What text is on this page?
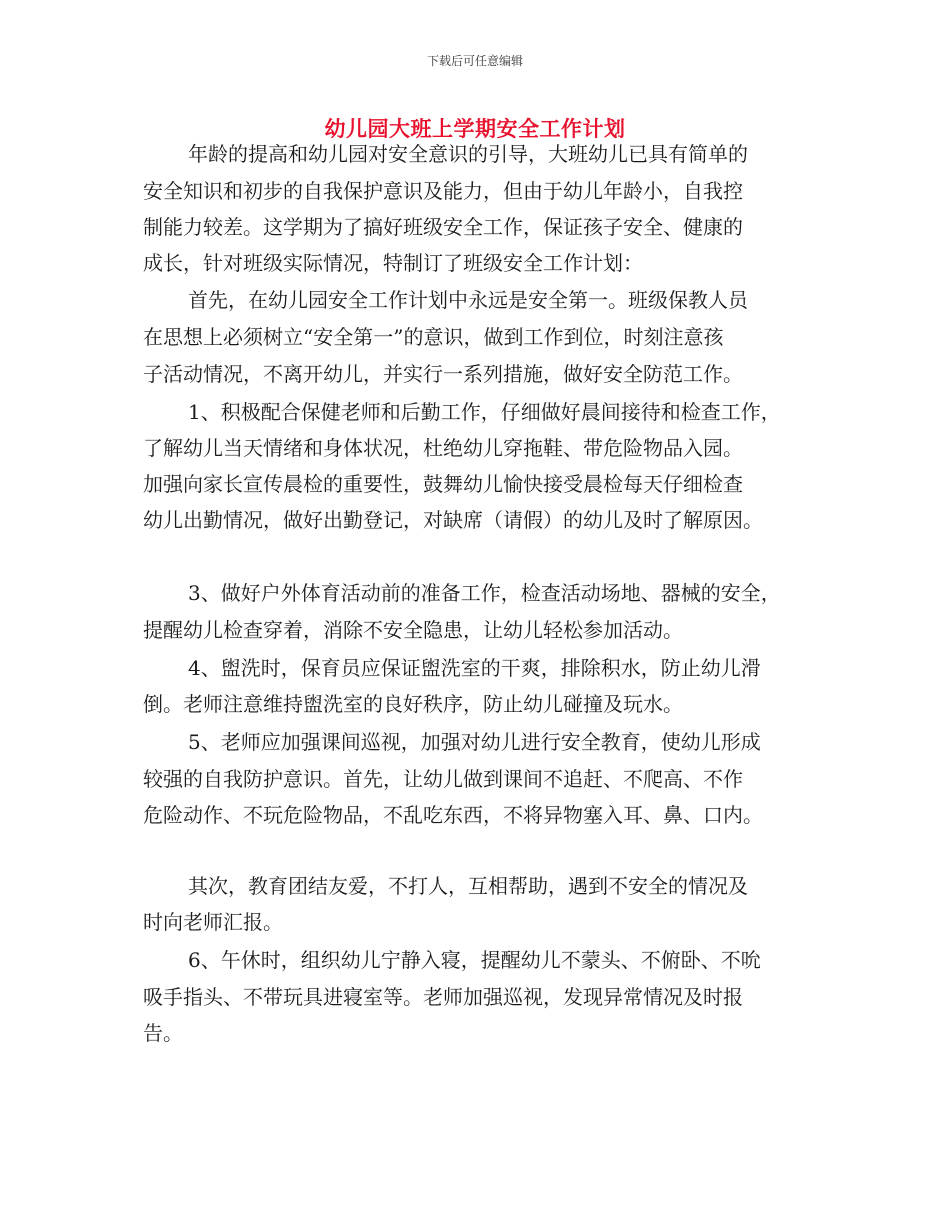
下载后可任意编辑
幼儿园大班上学期安全工作计划
年龄的提高和幼儿园对安全意识的引导，大班幼儿已具有简单的
安全知识和初步的自我保护意识及能力，但由于幼儿年龄小，自我控
制能力较差。这学期为了搞好班级安全工作，保证孩子安全、健康的
成长，针对班级实际情况，特制订了班级安全工作计划：
首先，在幼儿园安全工作计划中永远是安全第一。班级保教人员
在思想上必须树立“安全第一”的意识，做到工作到位，时刻注意孩
子活动情况，不离开幼儿，并实行一系列措施，做好安全防范工作。
1、积极配合保健老师和后勤工作，仔细做好晨间接待和检查工作，
了解幼儿当天情绪和身体状况，杜绝幼儿穿拖鞋、带危险物品入园。
加强向家长宣传晨检的重要性，鼓舞幼儿愉快接受晨检每天仔细检查
幼儿出勤情况，做好出勤登记，对缺席（请假）的幼儿及时了解原因。
3、做好户外体育活动前的准备工作，检查活动场地、器械的安全，
提醒幼儿检查穿着，消除不安全隐患，让幼儿轻松参加活动。
4、盥洗时，保育员应保证盥洗室的干爽，排除积水，防止幼儿滑
倒。老师注意维持盥洗室的良好秩序，防止幼儿碰撞及玩水。
5、老师应加强课间巡视，加强对幼儿进行安全教育，使幼儿形成
较强的自我防护意识。首先，让幼儿做到课间不追赶、不爬高、不作
危险动作、不玩危险物品，不乱吃东西，不将异物塞入耳、鼻、口内。
其次，教育团结友爱，不打人，互相帮助，遇到不安全的情况及
时向老师汇报。
6、午休时，组织幼儿宁静入寝，提醒幼儿不蒙头、不俯卧、不吮
吸手指头、不带玩具进寝室等。老师加强巡视，发现异常情况及时报
告。
